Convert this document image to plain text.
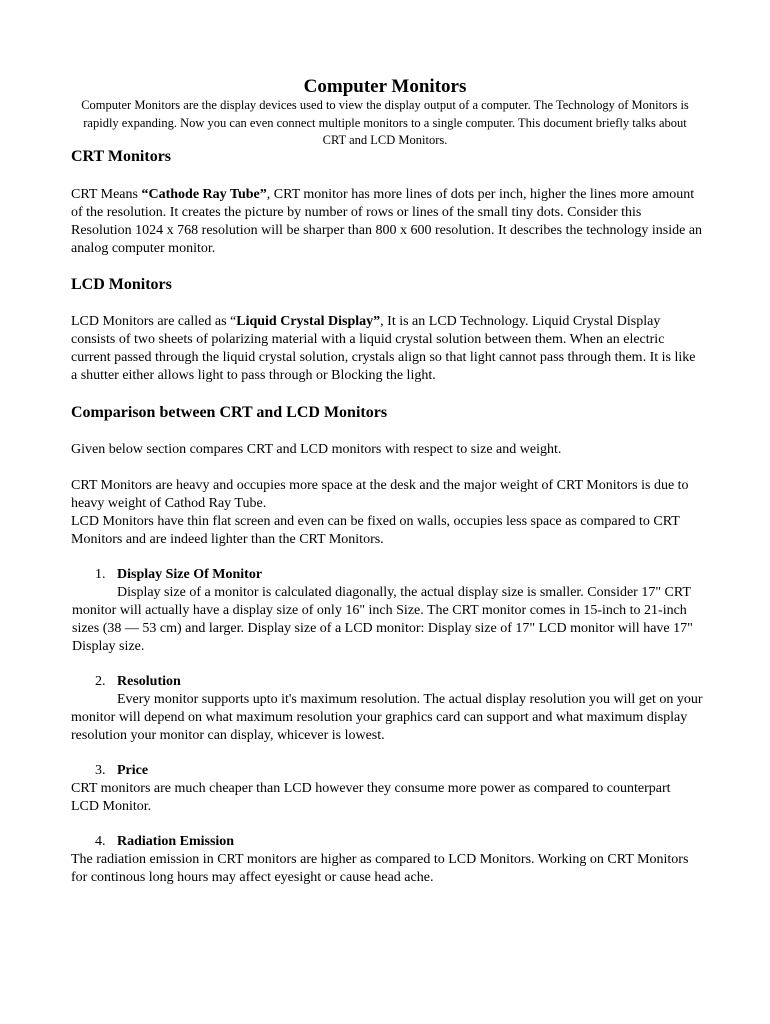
Computer Monitors
Computer Monitors are the display devices used to view the display output of a computer. The Technology of Monitors is rapidly expanding. Now you can even connect multiple monitors to a single computer. This document briefly talks about CRT and LCD Monitors.
CRT Monitors
CRT Means “Cathode Ray Tube”, CRT monitor has more lines of dots per inch, higher the lines more amount of the resolution. It creates the picture by number of rows or lines of the small tiny dots. Consider this Resolution 1024 x 768 resolution will be sharper than 800 x 600 resolution. It describes the technology inside an analog computer monitor.
LCD Monitors
LCD Monitors are called as “Liquid Crystal Display”, It is an LCD Technology. Liquid Crystal Display consists of two sheets of polarizing material with a liquid crystal solution between them. When an electric current passed through the liquid crystal solution, crystals align so that light cannot pass through them. It is like a shutter either allows light to pass through or Blocking the light.
Comparison between CRT and LCD Monitors
Given below section compares CRT and LCD monitors with respect to size and weight.
CRT Monitors are heavy and occupies more space at the desk and the major weight of CRT Monitors is due to heavy weight of Cathod Ray Tube.
LCD Monitors have thin flat screen and even can be fixed on walls, occupies less space as compared to CRT Monitors and are indeed lighter than the CRT Monitors.
1. Display Size Of Monitor
Display size of a monitor is calculated diagonally, the actual display size is smaller. Consider 17" CRT monitor will actually have a display size of only 16" inch Size. The CRT monitor comes in 15-inch to 21-inch sizes (38 — 53 cm) and larger. Display size of a LCD monitor: Display size of 17" LCD monitor will have 17" Display size.
2. Resolution
Every monitor supports upto it's maximum resolution. The actual display resolution you will get on your monitor will depend on what maximum resolution your graphics card can support and what maximum display resolution your monitor can display, whicever is lowest.
3. Price
CRT monitors are much cheaper than LCD however they consume more power as compared to counterpart LCD Monitor.
4. Radiation Emission
The radiation emission in CRT monitors are higher as compared to LCD Monitors. Working on CRT Monitors for continous long hours may affect eyesight or cause head ache.
